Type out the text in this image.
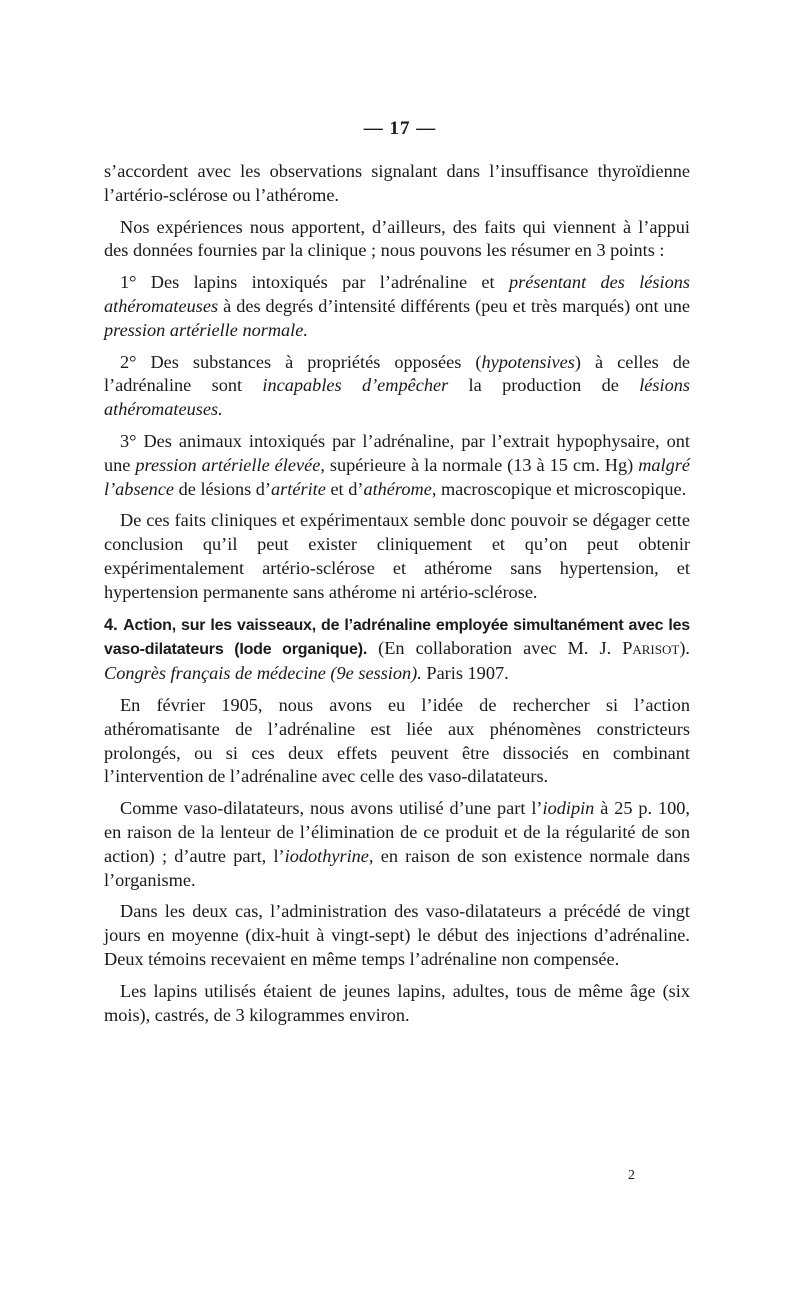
— 17 —

s’accordent avec les observations signalant dans l’insuffisance thyroïdienne l’artério-sclérose ou l’athérome.

Nos expériences nous apportent, d’ailleurs, des faits qui viennent à l’appui des données fournies par la clinique ; nous pouvons les résumer en 3 points :

1° Des lapins intoxiqués par l’adrénaline et présentant des lésions athéromateuses à des degrés d’intensité différents (peu et très marqués) ont une pression artérielle normale.

2° Des substances à propriétés opposées (hypotensives) à celles de l’adrénaline sont incapables d’empêcher la production de lésions athéromateuses.

3° Des animaux intoxiqués par l’adrénaline, par l’extrait hypophysaire, ont une pression artérielle élevée, supérieure à la normale (13 à 15 cm. Hg) malgré l’absence de lésions d’artérite et d’athérome, macroscopique et microscopique.

De ces faits cliniques et expérimentaux semble donc pouvoir se dégager cette conclusion qu’il peut exister cliniquement et qu’on peut obtenir expérimentalement artério-sclérose et athérome sans hypertension, et hypertension permanente sans athérome ni artério-sclérose.

4. Action, sur les vaisseaux, de l’adrénaline employée simultanément avec les vaso-dilatateurs (Iode organique). (En collaboration avec M. J. Parisot). Congrès français de médecine (9e session). Paris 1907.

En février 1905, nous avons eu l’idée de rechercher si l’action athéromatisante de l’adrénaline est liée aux phénomènes constricteurs prolongés, ou si ces deux effets peuvent être dissociés en combinant l’intervention de l’adrénaline avec celle des vaso-dilatateurs.

Comme vaso-dilatateurs, nous avons utilisé d’une part l’iodipin à 25 p. 100, en raison de la lenteur de l’élimination de ce produit et de la régularité de son action) ; d’autre part, l’iodothyrine, en raison de son existence normale dans l’organisme.

Dans les deux cas, l’administration des vaso-dilatateurs a précédé de vingt jours en moyenne (dix-huit à vingt-sept) le début des injections d’adrénaline. Deux témoins recevaient en même temps l’adrénaline non compensée.

Les lapins utilisés étaient de jeunes lapins, adultes, tous de même âge (six mois), castrés, de 3 kilogrammes environ.

2
